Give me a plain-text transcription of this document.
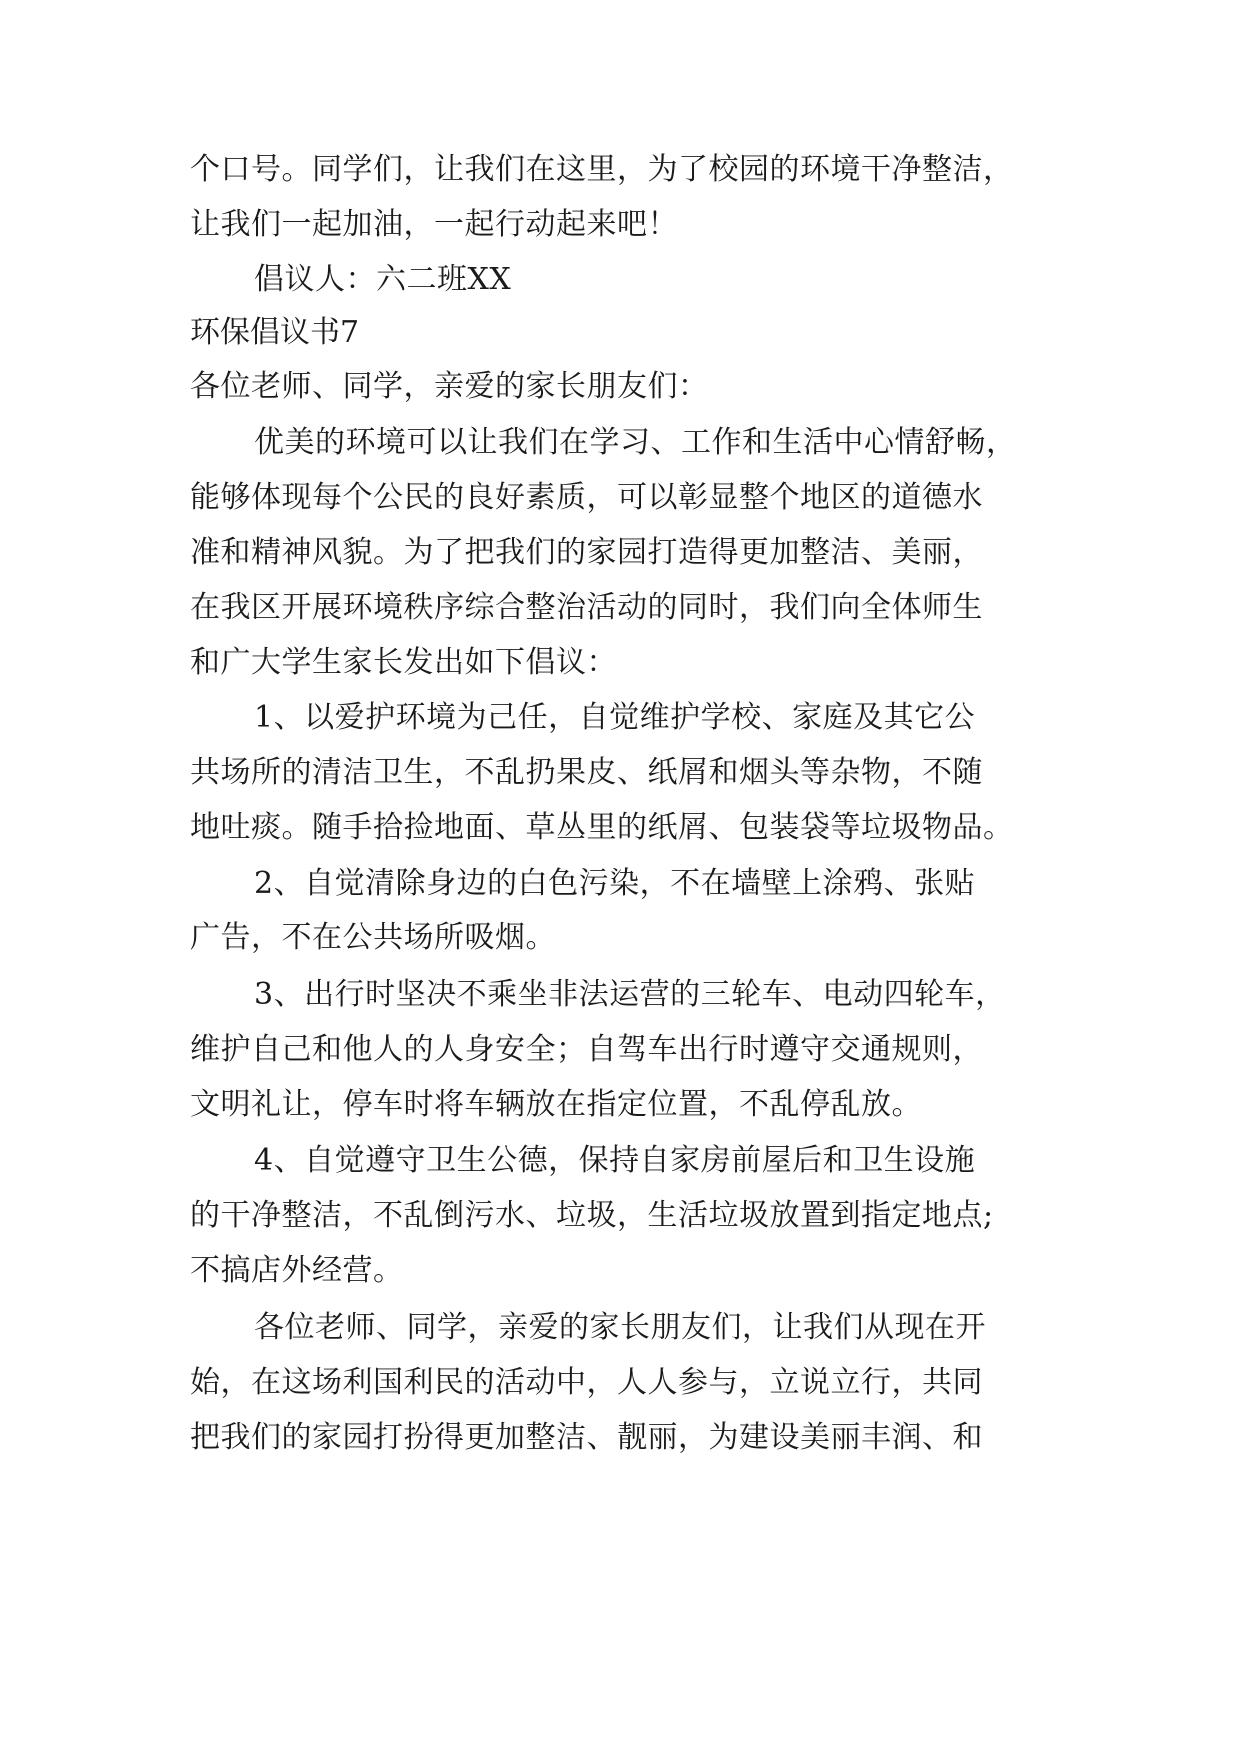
个口号。同学们，让我们在这里，为了校园的环境干净整洁，
让我们一起加油，一起行动起来吧！
倡议人：六二班XX
环保倡议书7
各位老师、同学，亲爱的家长朋友们：
优美的环境可以让我们在学习、工作和生活中心情舒畅，
能够体现每个公民的良好素质，可以彰显整个地区的道德水
准和精神风貌。为了把我们的家园打造得更加整洁、美丽，
在我区开展环境秩序综合整治活动的同时，我们向全体师生
和广大学生家长发出如下倡议：
1、以爱护环境为己任，自觉维护学校、家庭及其它公
共场所的清洁卫生，不乱扔果皮、纸屑和烟头等杂物，不随
地吐痰。随手拾捡地面、草丛里的纸屑、包装袋等垃圾物品。
2、自觉清除身边的白色污染，不在墙壁上涂鸦、张贴
广告，不在公共场所吸烟。
3、出行时坚决不乘坐非法运营的三轮车、电动四轮车，
维护自己和他人的人身安全；自驾车出行时遵守交通规则，
文明礼让，停车时将车辆放在指定位置，不乱停乱放。
4、自觉遵守卫生公德，保持自家房前屋后和卫生设施
的干净整洁，不乱倒污水、垃圾，生活垃圾放置到指定地点;
不搞店外经营。
各位老师、同学，亲爱的家长朋友们，让我们从现在开
始，在这场利国利民的活动中，人人参与，立说立行，共同
把我们的家园打扮得更加整洁、靓丽，为建设美丽丰润、和
